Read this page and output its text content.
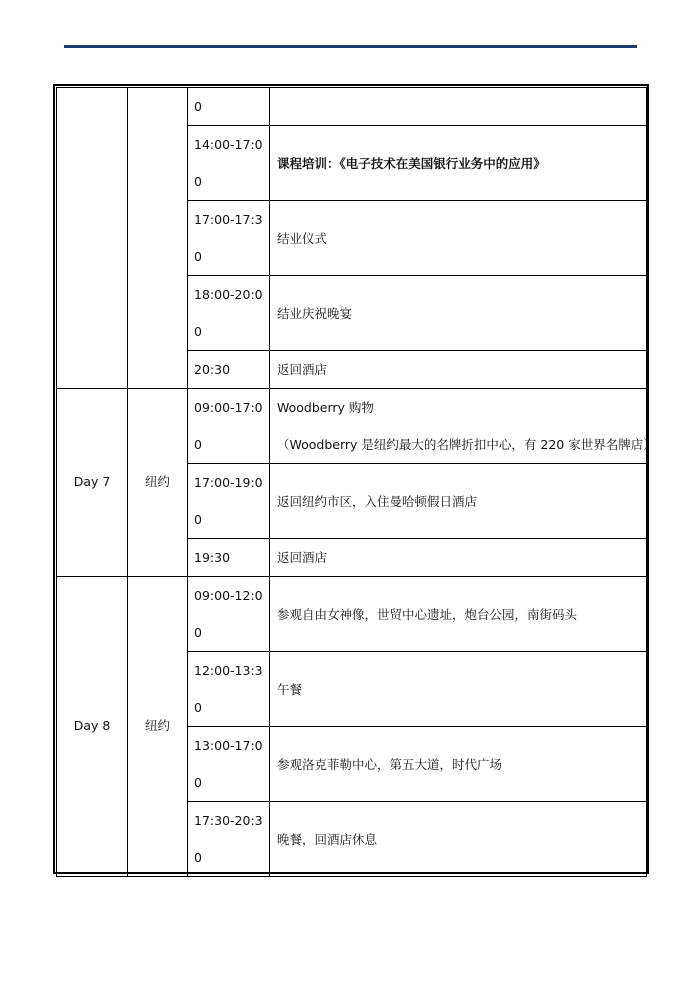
		0	

		14:00-17:0
0	课程培训：《电子技术在美国银行业务中的应用》

		17:00-17:3
0	结业仪式

		18:00-20:0
0	结业庆祝晚宴

		20:30	返回酒店

Day 7	纽约	09:00-17:0
0	Woodberry 购物
（Woodberry 是纽约最大的名牌折扣中心，有 220 家世界名牌店）

		17:00-19:0
0	返回纽约市区，入住曼哈顿假日酒店

		19:30	返回酒店

Day 8	纽约	09:00-12:0
0	参观自由女神像，世贸中心遗址，炮台公园，南街码头

		12:00-13:3
0	午餐

		13:00-17:0
0	参观洛克菲勒中心，第五大道，时代广场

		17:30-20:3
0	晚餐，回酒店休息
